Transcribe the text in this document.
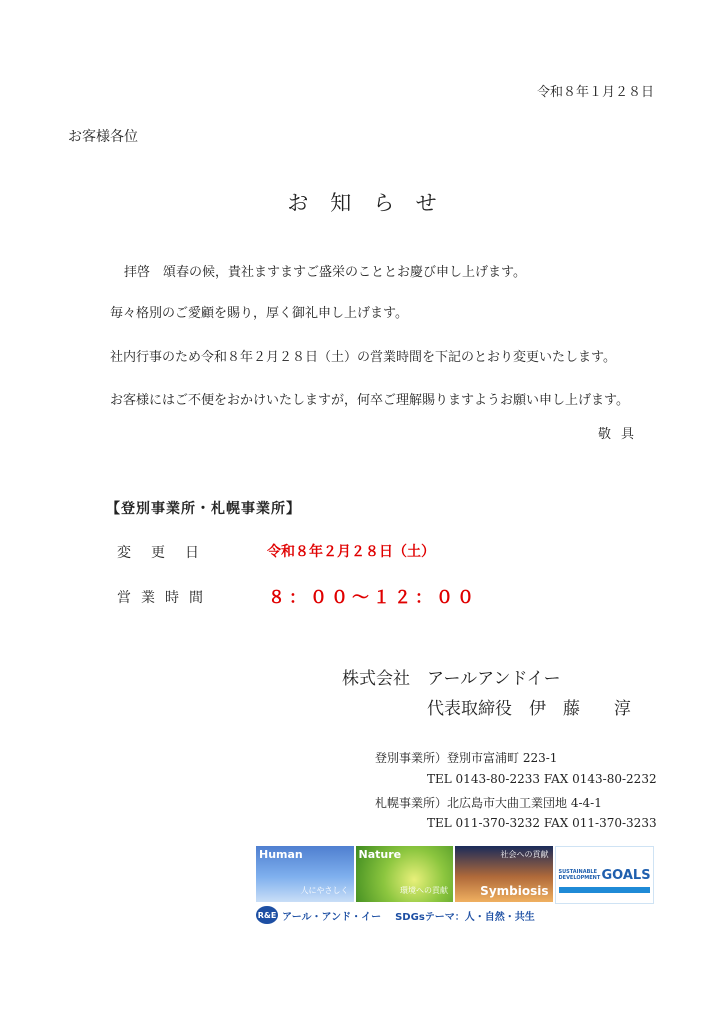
令和８年１月２８日
お客様各位
お知らせ
拝啓　頌春の候，貴社ますますご盛栄のこととお慶び申し上げます。
毎々格別のご愛顧を賜り，厚く御礼申し上げます。
社内行事のため令和８年２月２８日（土）の営業時間を下記のとおり変更いたします。
お客様にはご不便をおかけいたしますが，何卒ご理解賜りますようお願い申し上げます。
敬具
【登別事業所・札幌事業所】
変更日	令和８年２月２８日（土）
営業時間	８：００～１２：００
株式会社　アールアンドイー
代表取締役　伊　藤　　淳
登別事業所）登別市富浦町 223-1
TEL 0143-80-2233 FAX 0143-80-2232
札幌事業所）北広島市大曲工業団地 4-4-1
TEL 011-370-3232 FAX 011-370-3233
Human
人にやさしく
Nature
環境への貢献
社会への貢献
Symbiosis
SUSTAINABLE
DEVELOPMENT GOALS
R&E アール・アンド・イー SDGsテーマ：人・自然・共生
